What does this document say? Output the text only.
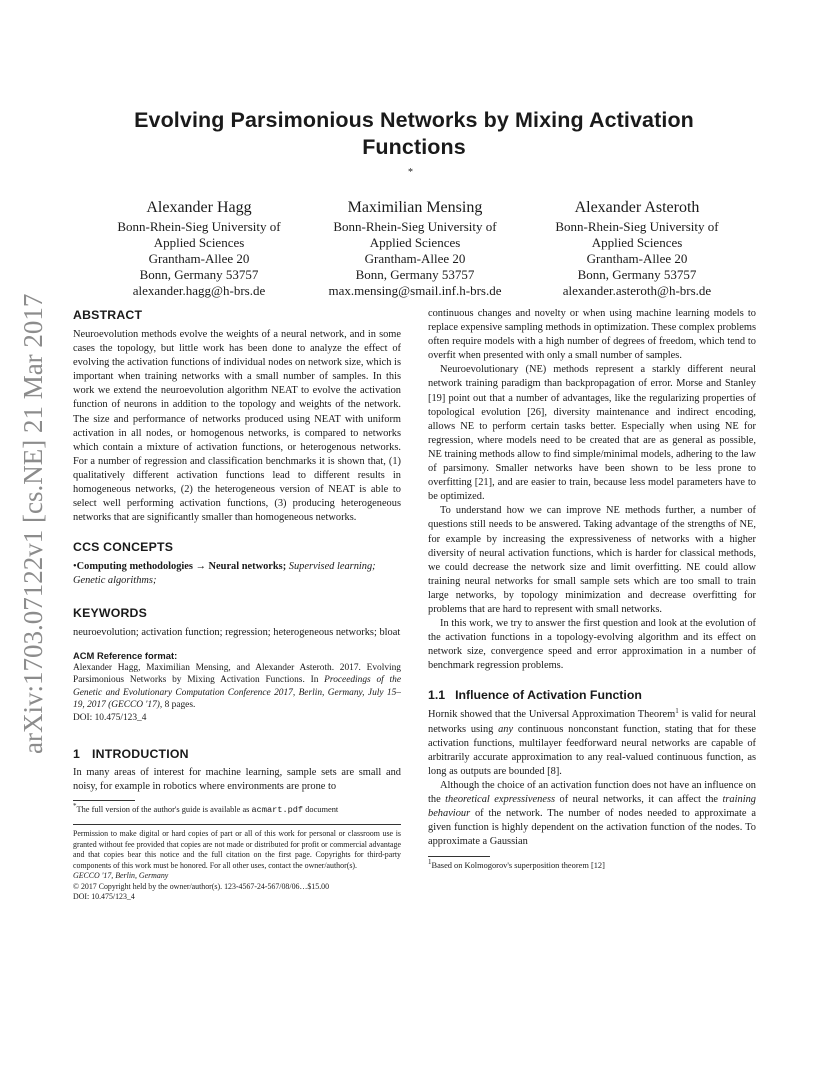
arXiv:1703.07122v1 [cs.NE] 21 Mar 2017
Evolving Parsimonious Networks by Mixing Activation
Functions
*
Alexander Hagg
Bonn-Rhein-Sieg University of
Applied Sciences
Grantham-Allee 20
Bonn, Germany 53757
alexander.hagg@h-brs.de
Maximilian Mensing
Bonn-Rhein-Sieg University of
Applied Sciences
Grantham-Allee 20
Bonn, Germany 53757
max.mensing@smail.inf.h-brs.de
Alexander Asteroth
Bonn-Rhein-Sieg University of
Applied Sciences
Grantham-Allee 20
Bonn, Germany 53757
alexander.asteroth@h-brs.de
ABSTRACT

Neuroevolution methods evolve the weights of a neural network, and in some cases the topology, but little work has been done to analyze the effect of evolving the activation functions of individual nodes on network size, which is important when training networks with a small number of samples. In this work we extend the neuroevolution algorithm NEAT to evolve the activation function of neurons in addition to the topology and weights of the network. The size and performance of networks produced using NEAT with uniform activation in all nodes, or homogenous networks, is compared to networks which contain a mixture of activation functions, or heterogenous networks. For a number of regression and classification benchmarks it is shown that, (1) qualitatively different activation functions lead to different results in homogeneous networks, (2) the heterogeneous version of NEAT is able to select well performing activation functions, (3) producing heterogeneous networks that are significantly smaller than homogeneous networks.

CCS CONCEPTS

•Computing methodologies → Neural networks; Supervised learning; Genetic algorithms;

KEYWORDS

neuroevolution; activation function; regression; heterogeneous networks; bloat

ACM Reference format:

Alexander Hagg, Maximilian Mensing, and Alexander Asteroth. 2017. Evolving Parsimonious Networks by Mixing Activation Functions. In Proceedings of the Genetic and Evolutionary Computation Conference 2017, Berlin, Germany, July 15–19, 2017 (GECCO '17), 8 pages.

DOI: 10.475/123_4

1 INTRODUCTION

In many areas of interest for machine learning, sample sets are small and noisy, for example in robotics where environments are prone to

*The full version of the author's guide is available as acmart.pdf document

Permission to make digital or hard copies of part or all of this work for personal or classroom use is granted without fee provided that copies are not made or distributed for profit or commercial advantage and that copies bear this notice and the full citation on the first page. Copyrights for third-party components of this work must be honored. For all other uses, contact the owner/author(s).

GECCO '17, Berlin, Germany

© 2017 Copyright held by the owner/author(s). 123-4567-24-567/08/06…$15.00

DOI: 10.475/123_4

continuous changes and novelty or when using machine learning models to replace expensive sampling methods in optimization. These complex problems often require models with a high number of degrees of freedom, which tend to overfit when presented with only a small number of samples.

Neuroevolutionary (NE) methods represent a starkly different neural network training paradigm than backpropagation of error. Morse and Stanley [19] point out that a number of advantages, like the regularizing properties of topological evolution [26], diversity maintenance and indirect encoding, allows NE to perform certain tasks better. Especially when using NE for regression, where models need to be created that are as general as possible, NE training methods allow to find simple/minimal models, adhering to the law of parsimony. Smaller networks have been shown to be less prone to overfitting [21], and are easier to train, because less model parameters have to be optimized.

To understand how we can improve NE methods further, a number of questions still needs to be answered. Taking advantage of the strengths of NE, for example by increasing the expressiveness of networks with a higher diversity of neural activation functions, which is harder for classical methods, we could decrease the network size and limit overfitting. NE could allow training neural networks for small sample sets which are too small to train large networks, by topology minimization and decrease overfitting for problems that are hard to represent with small networks.

In this work, we try to answer the first question and look at the evolution of the activation functions in a topology-evolving algorithm and its effect on network size, convergence speed and error approximation in a number of benchmark regression problems.

1.1 Influence of Activation Function

Hornik showed that the Universal Approximation Theorem$^1$ is valid for neural networks using any continuous nonconstant function, stating that for these activation functions, multilayer feedforward neural networks are capable of arbitrarily accurate approximation to any real-valued continuous function, as long as outputs are bounded [8].

Although the choice of an activation function does not have an influence on the theoretical expressiveness of neural networks, it can affect the training behaviour of the network. The number of nodes needed to approximate a given function is highly dependent on the activation function of the nodes. To approximate a Gaussian

$^1$Based on Kolmogorov's superposition theorem [12]
